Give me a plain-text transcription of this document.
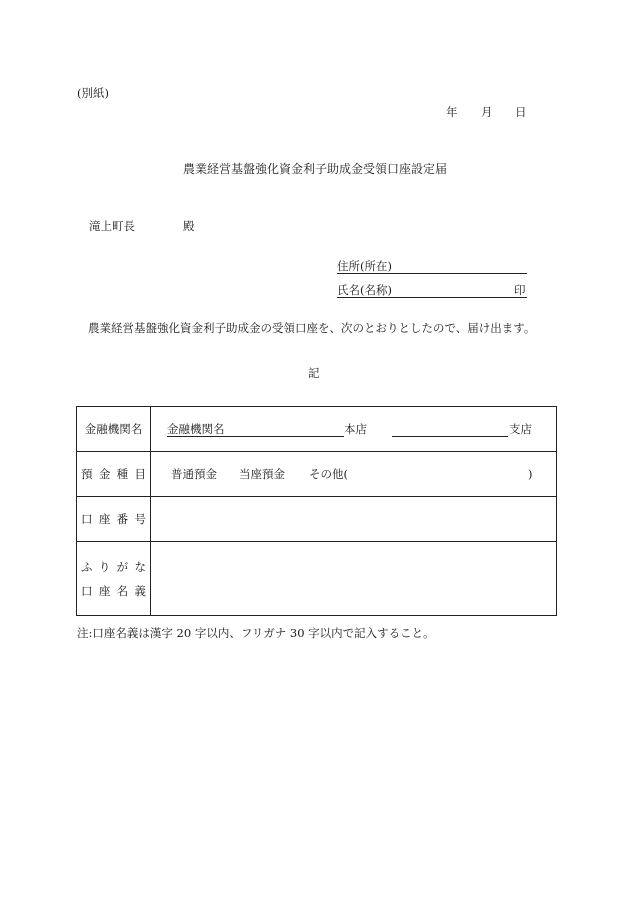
(別紙)
年 月 日
農業経営基盤強化資金利子助成金受領口座設定届
滝上町長	殿
住所(所在)
氏名(名称)	印
農業経営基盤強化資金利子助成金の受領口座を、次のとおりとしたので、届け出ます。
記
金融機関名	金融機関名 本店 支店

預金種目	普通預金 当座預金 その他( )

口座番号	

ふりがな
口座名義	

注:口座名義は漢字 20 字以内、フリガナ 30 字以内で記入すること。
